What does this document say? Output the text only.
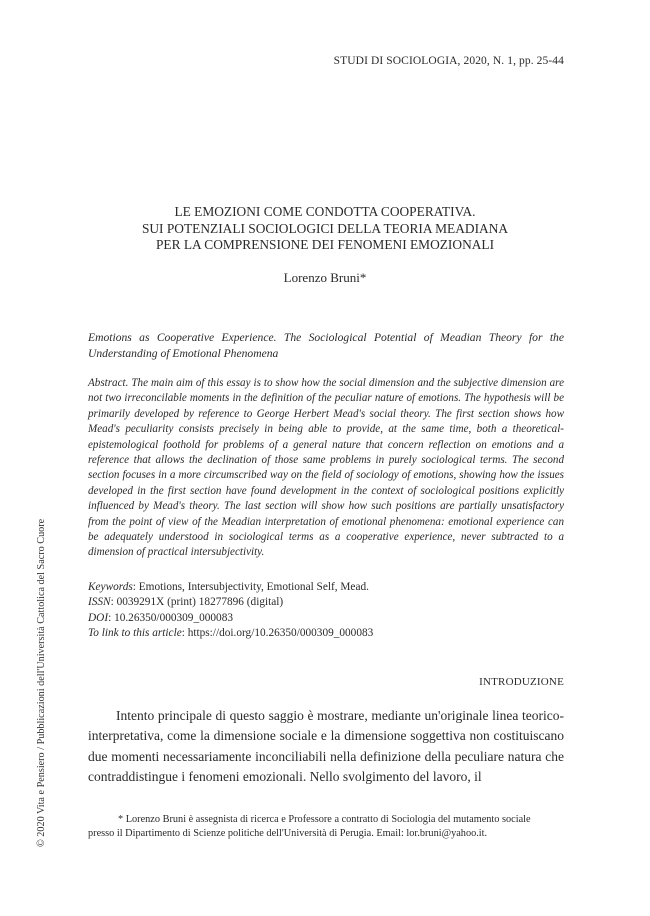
STUDI DI SOCIOLOGIA, 2020, N. 1, pp. 25-44
LE EMOZIONI COME CONDOTTA COOPERATIVA.
SUI POTENZIALI SOCIOLOGICI DELLA TEORIA MEADIANA
PER LA COMPRENSIONE DEI FENOMENI EMOZIONALI
Lorenzo Bruni*
Emotions as Cooperative Experience. The Sociological Potential of Meadian Theory for the Understanding of Emotional Phenomena
Abstract. The main aim of this essay is to show how the social dimension and the subjective dimension are not two irreconcilable moments in the definition of the peculiar nature of emotions. The hypothesis will be primarily developed by reference to George Herbert Mead's social theory. The first section shows how Mead's peculiarity consists precisely in being able to provide, at the same time, both a theoretical-epistemological foothold for problems of a general nature that concern reflection on emotions and a reference that allows the declination of those same problems in purely sociological terms. The second section focuses in a more circumscribed way on the field of sociology of emotions, showing how the issues developed in the first section have found development in the context of sociological positions explicitly influenced by Mead's theory. The last section will show how such positions are partially unsatisfactory from the point of view of the Meadian interpretation of emotional phenomena: emotional experience can be adequately understood in sociological terms as a cooperative experience, never subtracted to a dimension of practical intersubjectivity.
Keywords: Emotions, Intersubjectivity, Emotional Self, Mead.
ISSN: 0039291X (print) 18277896 (digital)
DOI: 10.26350/000309_000083
To link to this article: https://doi.org/10.26350/000309_000083
INTRODUZIONE
Intento principale di questo saggio è mostrare, mediante un'originale linea teorico-interpretativa, come la dimensione sociale e la dimensione soggettiva non costituiscano due momenti necessariamente inconciliabili nella definizione della peculiare natura che contraddistingue i fenomeni emozionali. Nello svolgimento del lavoro, il
* Lorenzo Bruni è assegnista di ricerca e Professore a contratto di Sociologia del mutamento sociale
presso il Dipartimento di Scienze politiche dell'Università di Perugia. Email: lor.bruni@yahoo.it.
© 2020 Vita e Pensiero / Pubblicazioni dell'Università Cattolica del Sacro Cuore
